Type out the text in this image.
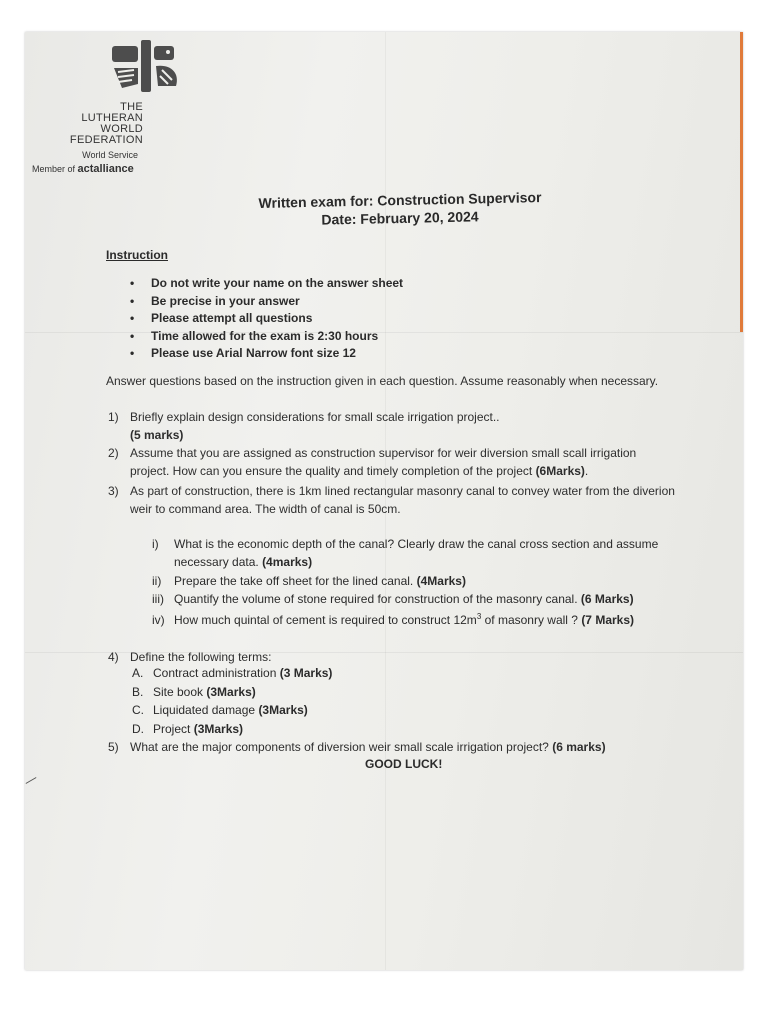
THE
LUTHERAN
WORLD
FEDERATION
World Service
Member of actalliance
Written exam for: Construction Supervisor
Date: February 20, 2024
Instruction
• Do not write your name on the answer sheet
• Be precise in your answer
• Please attempt all questions
• Time allowed for the exam is 2:30 hours
• Please use Arial Narrow font size 12
Answer questions based on the instruction given in each question. Assume reasonably when necessary.
1) Briefly explain design considerations for small scale irrigation project..
(5 marks)
2) Assume that you are assigned as construction supervisor for weir diversion small scall irrigation
project. How can you ensure the quality and timely completion of the project (6Marks).
3) As part of construction, there is 1km lined rectangular masonry canal to convey water from the diverion
weir to command area. The width of canal is 50cm.
i) What is the economic depth of the canal? Clearly draw the canal cross section and assume
necessary data. (4marks)
ii) Prepare the take off sheet for the lined canal. (4Marks)
iii) Quantify the volume of stone required for construction of the masonry canal. (6 Marks)
iv) How much quintal of cement is required to construct $12m^3$ of masonry wall ? (7 Marks)
4) Define the following terms:
A. Contract administration (3 Marks)
B. Site book (3Marks)
C. Liquidated damage (3Marks)
D. Project (3Marks)
5) What are the major components of diversion weir small scale irrigation project? (6 marks)
GOOD LUCK!
